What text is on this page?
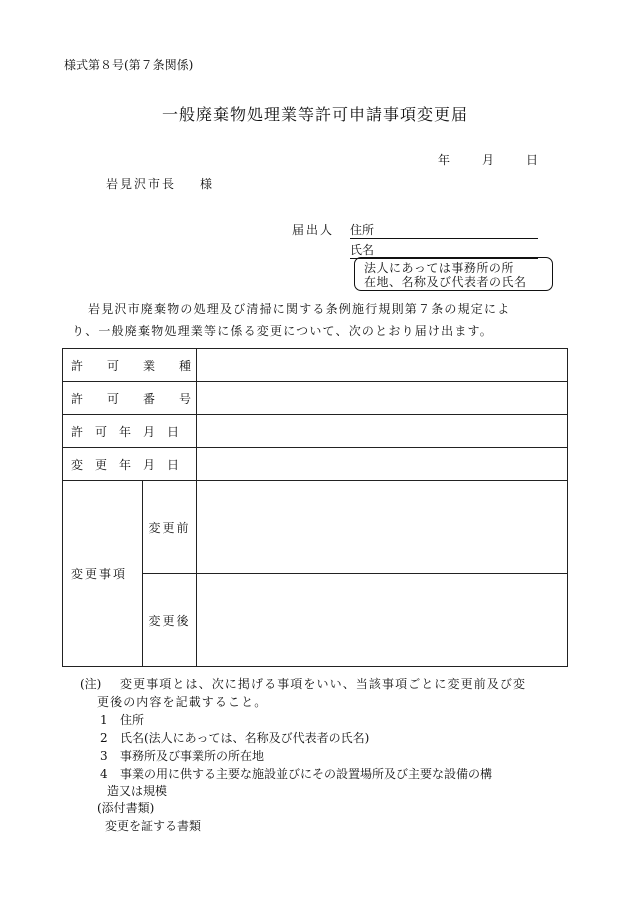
様式第８号(第７条関係)
一般廃棄物処理業等許可申請事項変更届
年	月	日
岩見沢市長 様
届出人 住所
氏名
法人にあっては事務所の所
在地、名称及び代表者の氏名
岩見沢市廃棄物の処理及び清掃に関する条例施行規則第７条の規定によ
り、一般廃棄物処理業等に係る変更について、次のとおり届け出ます。
許　　可　　業　　種		
許　　可　　番　　号		
許　可　年　月　日		
変　更　年　月　日		
変更事項	変更前	
	変更後	
(注) 変更事項とは、次に掲げる事項をいい、当該事項ごとに変更前及び変
更後の内容を記載すること。
1 住所
2 氏名(法人にあっては、名称及び代表者の氏名)
3 事務所及び事業所の所在地
4 事業の用に供する主要な施設並びにその設置場所及び主要な設備の構
造又は規模
(添付書類)
変更を証する書類
